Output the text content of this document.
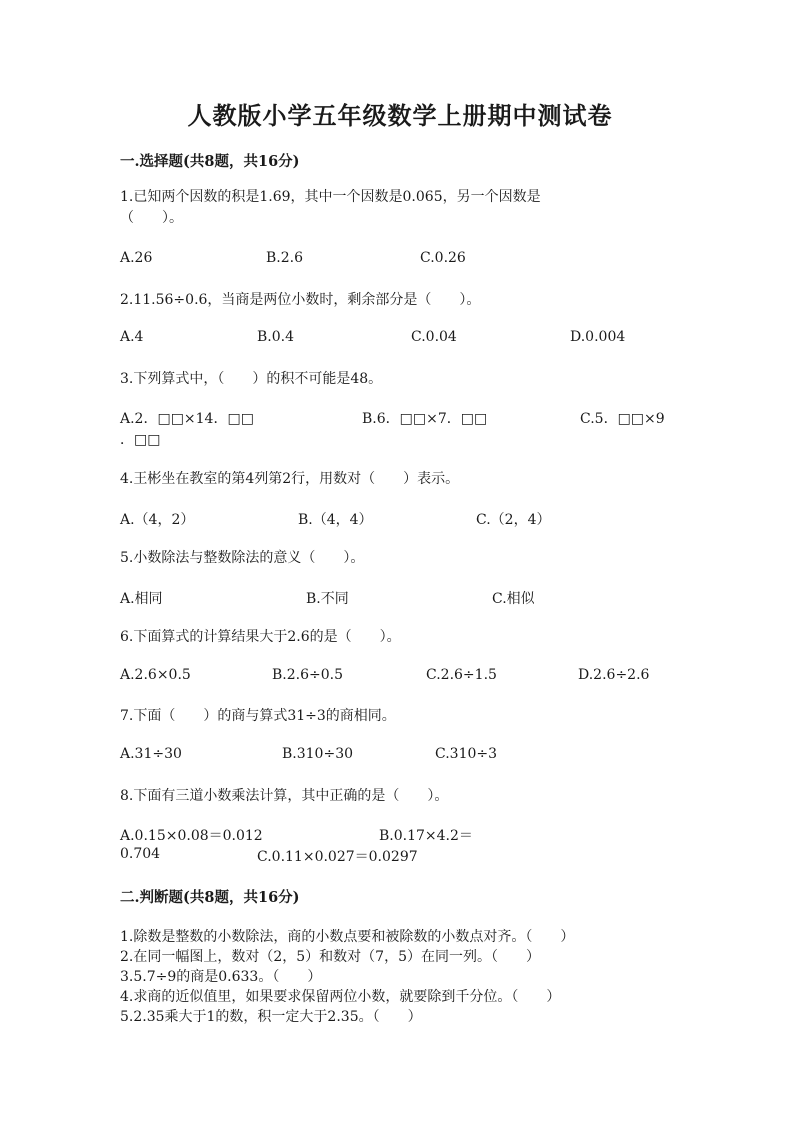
人教版小学五年级数学上册期中测试卷
一.选择题(共8题，共16分)
1.已知两个因数的积是1.69，其中一个因数是0.065，另一个因数是
（　　）。
A.26	B.2.6	C.0.26
2.11.56÷0.6，当商是两位小数时，剩余部分是（　　）。
A.4	B.0.4	C.0.04	D.0.004
3.下列算式中，（　　）的积不可能是48。
A.2．□□×14．□□	B.6．□□×7．□□	C.5．□□×9
．□□
4.王彬坐在教室的第4列第2行，用数对（　　）表示。
A.（4，2）	B.（4，4）	C.（2，4）
5.小数除法与整数除法的意义（　　）。
A.相同	B.不同	C.相似
6.下面算式的计算结果大于2.6的是（　　）。
A.2.6×0.5	B.2.6÷0.5	C.2.6÷1.5	D.2.6÷2.6
7.下面（　　）的商与算式31÷3的商相同。
A.31÷30	B.310÷30	C.310÷3
8.下面有三道小数乘法计算，其中正确的是（　　）。
A.0.15×0.08＝0.012	B.0.17×4.2＝
0.704	C.0.11×0.027＝0.0297
二.判断题(共8题，共16分)
1.除数是整数的小数除法，商的小数点要和被除数的小数点对齐。（　　）
2.在同一幅图上，数对（2，5）和数对（7，5）在同一列。（　　）
3.5.7÷9的商是0.633。（　　）
4.求商的近似值里，如果要求保留两位小数，就要除到千分位。（　　）
5.2.35乘大于1的数，积一定大于2.35。（　　）
